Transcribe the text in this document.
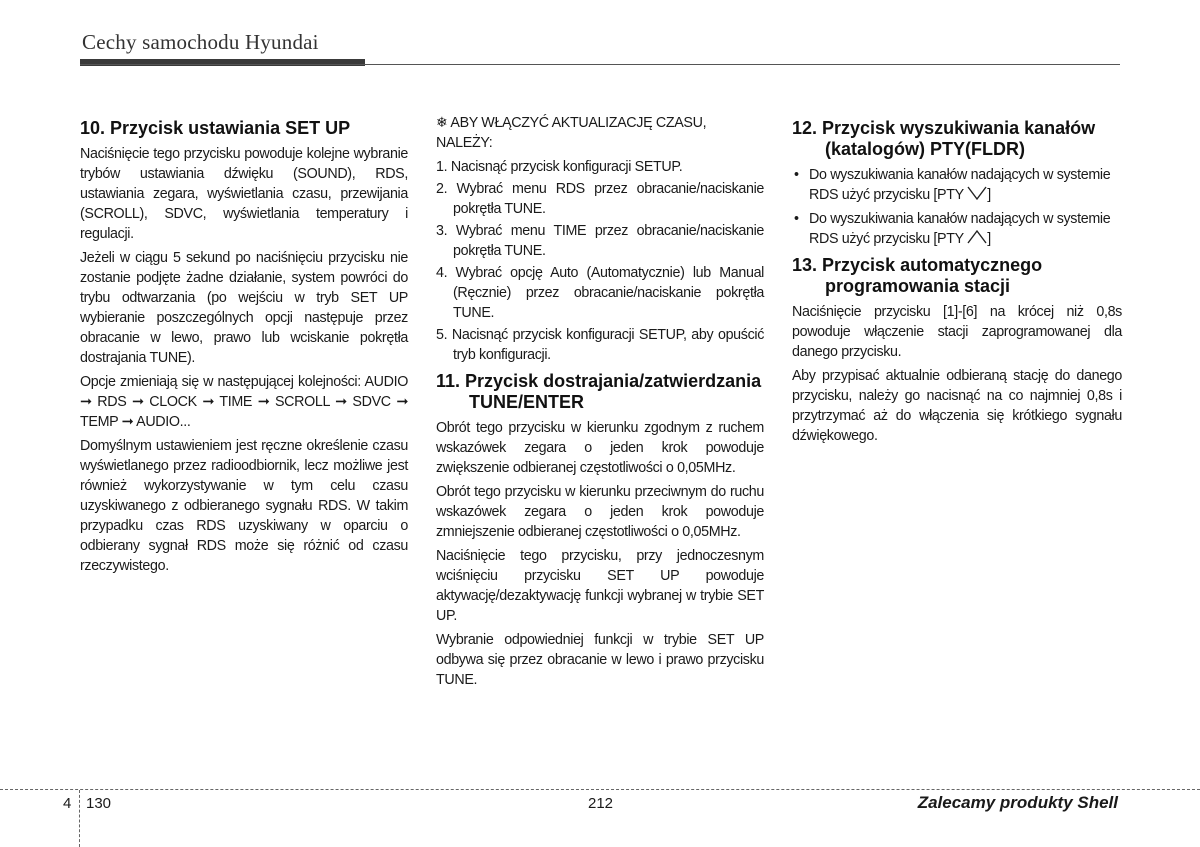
Cechy samochodu Hyundai
10. Przycisk ustawiania SET UP

Naciśnięcie tego przycisku powoduje kolejne wybranie trybów ustawiania dźwięku (SOUND), RDS, ustawiania zegara, wyświetlania czasu, przewijania (SCROLL), SDVC, wyświetlania temperatury i regulacji.

Jeżeli w ciągu 5 sekund po naciśnięciu przycisku nie zostanie podjęte żadne działanie, system powróci do trybu odtwarzania (po wejściu w tryb SET UP wybieranie poszczególnych opcji następuje przez obracanie w lewo, prawo lub wciskanie pokrętła dostrajania TUNE).

Opcje zmieniają się w następującej kolejności: AUDIO ➞ RDS ➞ CLOCK ➞ TIME ➞ SCROLL ➞ SDVC ➞ TEMP ➞ AUDIO...

Domyślnym ustawieniem jest ręczne określenie czasu wyświetlanego przez radioodbiornik, lecz możliwe jest również wykorzystywanie w tym celu czasu uzyskiwanego z odbieranego sygnału RDS. W takim przypadku czas RDS uzyskiwany w oparciu o odbierany sygnał RDS może się różnić od czasu rzeczywistego.

❄ ABY WŁĄCZYĆ AKTUALIZACJĘ CZASU, NALEŻY:
1. Nacisnąć przycisk konfiguracji SETUP.
2. Wybrać menu RDS przez obracanie/naciskanie pokrętła TUNE.
3. Wybrać menu TIME przez obracanie/naciskanie pokrętła TUNE.
4. Wybrać opcję Auto (Automatycznie) lub Manual (Ręcznie) przez obracanie/naciskanie pokrętła TUNE.
5. Nacisnąć przycisk konfiguracji SETUP, aby opuścić tryb konfiguracji.
11. Przycisk dostrajania/zatwierdzania TUNE/ENTER

Obrót tego przycisku w kierunku zgodnym z ruchem wskazówek zegara o jeden krok powoduje zwiększenie odbieranej częstotliwości o 0,05MHz.

Obrót tego przycisku w kierunku przeciwnym do ruchu wskazówek zegara o jeden krok powoduje zmniejszenie odbieranej częstotliwości o 0,05MHz.

Naciśnięcie tego przycisku, przy jednoczesnym wciśnięciu przycisku SET UP powoduje aktywację/dezaktywację funkcji wybranej w trybie SET UP.

Wybranie odpowiedniej funkcji w trybie SET UP odbywa się przez obracanie w lewo i prawo przycisku TUNE.

12. Przycisk wyszukiwania kanałów (katalogów) PTY(FLDR)
• Do wyszukiwania kanałów nadających w systemie RDS użyć przycisku [PTY ]
• Do wyszukiwania kanałów nadających w systemie RDS użyć przycisku [PTY ]
13. Przycisk automatycznego programowania stacji

Naciśnięcie przycisku [1]-[6] na krócej niż 0,8s powoduje włączenie stacji zaprogramowanej dla danego przycisku.

Aby przypisać aktualnie odbieraną stację do danego przycisku, należy go nacisnąć na co najmniej 0,8s i przytrzymać aż do włączenia się krótkiego sygnału dźwiękowego.

4 130	212	Zalecamy produkty Shell
